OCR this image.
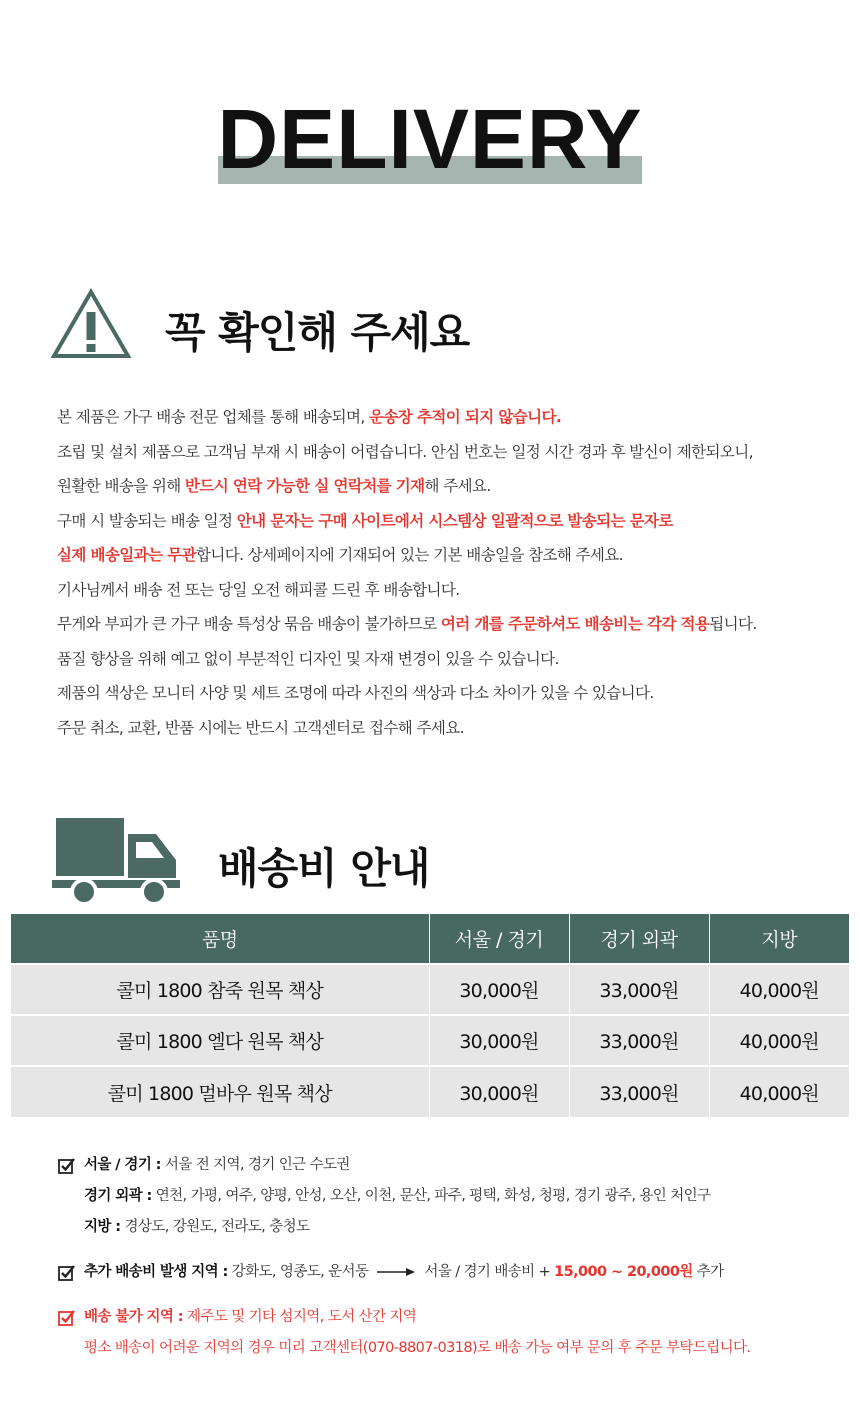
DELIVERY
꼭 확인해 주세요
본 제품은 가구 배송 전문 업체를 통해 배송되며, 운송장 추적이 되지 않습니다.
조립 및 설치 제품으로 고객님 부재 시 배송이 어렵습니다. 안심 번호는 일정 시간 경과 후 발신이 제한되오니,
원활한 배송을 위해 반드시 연락 가능한 실 연락처를 기재해 주세요.
구매 시 발송되는 배송 일정 안내 문자는 구매 사이트에서 시스템상 일괄적으로 발송되는 문자로
실제 배송일과는 무관합니다. 상세페이지에 기재되어 있는 기본 배송일을 참조해 주세요.
기사님께서 배송 전 또는 당일 오전 해피콜 드린 후 배송합니다.
무게와 부피가 큰 가구 배송 특성상 묶음 배송이 불가하므로 여러 개를 주문하셔도 배송비는 각각 적용됩니다.
품질 향상을 위해 예고 없이 부분적인 디자인 및 자재 변경이 있을 수 있습니다.
제품의 색상은 모니터 사양 및 세트 조명에 따라 사진의 색상과 다소 차이가 있을 수 있습니다.
주문 취소, 교환, 반품 시에는 반드시 고객센터로 접수해 주세요.
배송비 안내
품명	서울 / 경기	경기 외곽	지방
콜미 1800 참죽 원목 책상	30,000원	33,000원	40,000원
콜미 1800 엘다 원목 책상	30,000원	33,000원	40,000원
콜미 1800 멀바우 원목 책상	30,000원	33,000원	40,000원
서울 / 경기 : 서울 전 지역, 경기 인근 수도권
경기 외곽 : 연천, 가평, 여주, 양평, 안성, 오산, 이천, 문산, 파주, 평택, 화성, 청평, 경기 광주, 용인 처인구
지방 : 경상도, 강원도, 전라도, 충청도
추가 배송비 발생 지역 : 강화도, 영종도, 운서동	서울 / 경기 배송비 + 15,000 ~ 20,000원 추가
배송 불가 지역 : 제주도 및 기타 섬지역, 도서 산간 지역
평소 배송이 어려운 지역의 경우 미리 고객센터(070-8807-0318)로 배송 가능 여부 문의 후 주문 부탁드립니다.
